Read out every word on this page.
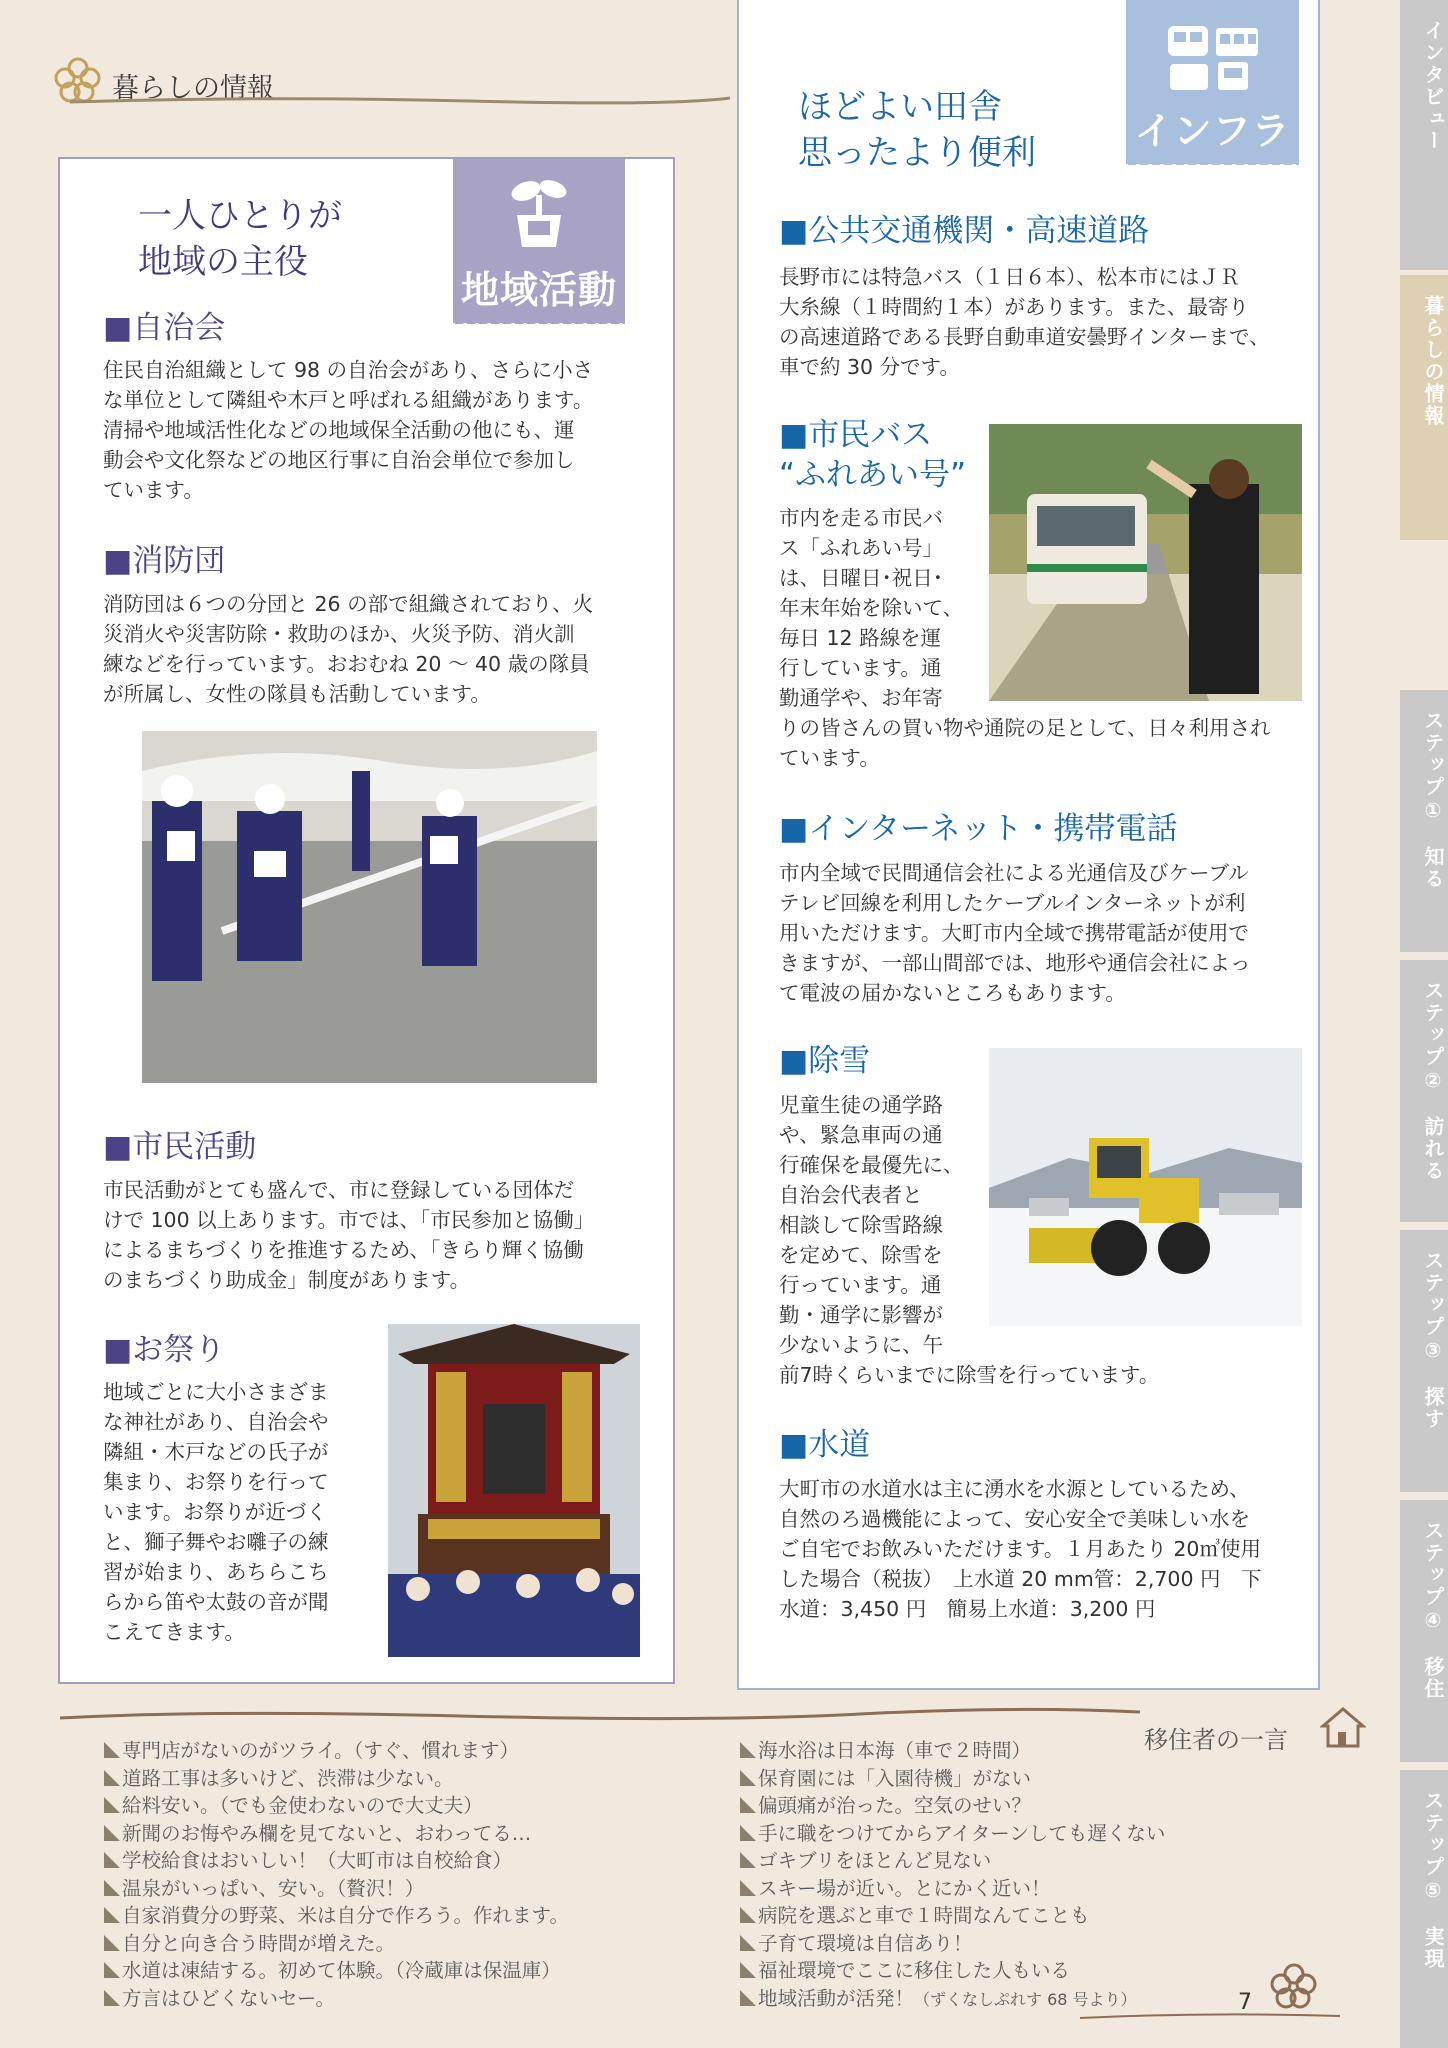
暮らしの情報
地域活動
一人ひとりが
地域の主役
■自治会
住民自治組織として 98 の自治会があり、さらに小さ
な単位として隣組や木戸と呼ばれる組織があります。
清掃や地域活性化などの地域保全活動の他にも、運
動会や文化祭などの地区行事に自治会単位で参加し
ています。
■消防団
消防団は６つの分団と 26 の部で組織されており、火
災消火や災害防除・救助のほか、火災予防、消火訓
練などを行っています。おおむね 20 ～ 40 歳の隊員
が所属し、女性の隊員も活動しています。
■市民活動
市民活動がとても盛んで、市に登録している団体だ
けで 100 以上あります。市では、「市民参加と協働」
によるまちづくりを推進するため、「きらり輝く協働
のまちづくり助成金」制度があります。
■お祭り
地域ごとに大小さまざま
な神社があり、自治会や
隣組・木戸などの氏子が
集まり、お祭りを行って
います。お祭りが近づく
と、獅子舞やお囃子の練
習が始まり、あちらこち
らから笛や太鼓の音が聞
こえてきます。
インフラ
ほどよい田舎
思ったより便利
■公共交通機関・高速道路
長野市には特急バス（１日６本）、松本市にはＪＲ
大糸線（１時間約１本）があります。また、最寄り
の高速道路である長野自動車道安曇野インターまで、
車で約 30 分です。
■市民バス
“ふれあい号”
市内を走る市民バ
ス「ふれあい号」
は、日曜日･祝日･
年末年始を除いて、
毎日 12 路線を運
行しています。通
勤通学や、お年寄
りの皆さんの買い物や通院の足として、日々利用され
ています。
■インターネット・携帯電話
市内全域で民間通信会社による光通信及びケーブル
テレビ回線を利用したケーブルインターネットが利
用いただけます。大町市内全域で携帯電話が使用で
きますが、一部山間部では、地形や通信会社によっ
て電波の届かないところもあります。
■除雪
児童生徒の通学路
や、緊急車両の通
行確保を最優先に、
自治会代表者と
相談して除雪路線
を定めて、除雪を
行っています。通
勤・通学に影響が
少ないように、午
前7時くらいまでに除雪を行っています。
■水道
大町市の水道水は主に湧水を水源としているため、
自然のろ過機能によって、安心安全で美味しい水を
ご自宅でお飲みいただけます。１月あたり 20㎥使用
した場合（税抜）　上水道 20 mm管：2,700 円　下
水道：3,450 円　簡易上水道：3,200 円
インタビュー
暮らしの情報
ステップ①　知る
ステップ②　訪れる
ステップ③　探す
ステップ④　移住
ステップ⑤　実現
移住者の一言
専門店がないのがツライ。（すぐ、慣れます）
道路工事は多いけど、渋滞は少ない。
給料安い。（でも金使わないので大丈夫）
新聞のお悔やみ欄を見てないと、おわってる…
学校給食はおいしい！（大町市は自校給食）
温泉がいっぱい、安い。（贅沢！）
自家消費分の野菜、米は自分で作ろう。作れます。
自分と向き合う時間が増えた。
水道は凍結する。初めて体験。（冷蔵庫は保温庫）
方言はひどくないセー。
海水浴は日本海（車で２時間）
保育園には「入園待機」がない
偏頭痛が治った。空気のせい？
手に職をつけてからアイターンしても遅くない
ゴキブリをほとんど見ない
スキー場が近い。とにかく近い！
病院を選ぶと車で１時間なんてことも
子育て環境は自信あり！
福祉環境でここに移住した人もいる
地域活動が活発！（ずくなしぷれす 68 号より）	7
